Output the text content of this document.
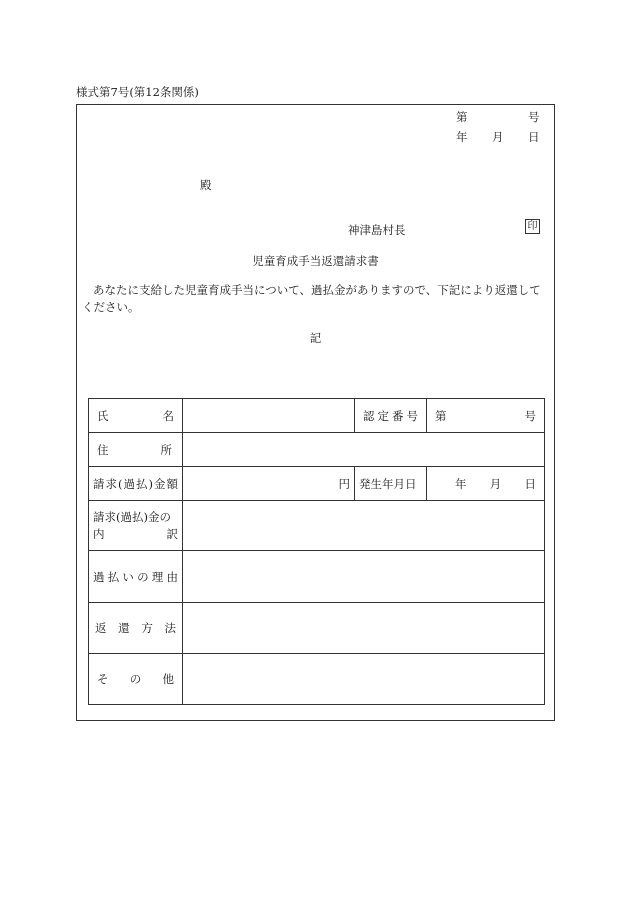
様式第7号(第12条関係)
第	号
年 月 日
殿
神津島村長	印
児童育成手当返還請求書
あなたに支給した児童育成手当について、過払金がありますので、下記により返還してください。
記
氏名		認定番号	第 号

住所			
請求(過払)金額	円	発生年月日	年 月 日

請求(過払)金の
内訳			

過払いの理由			
返還方法			
その他			
